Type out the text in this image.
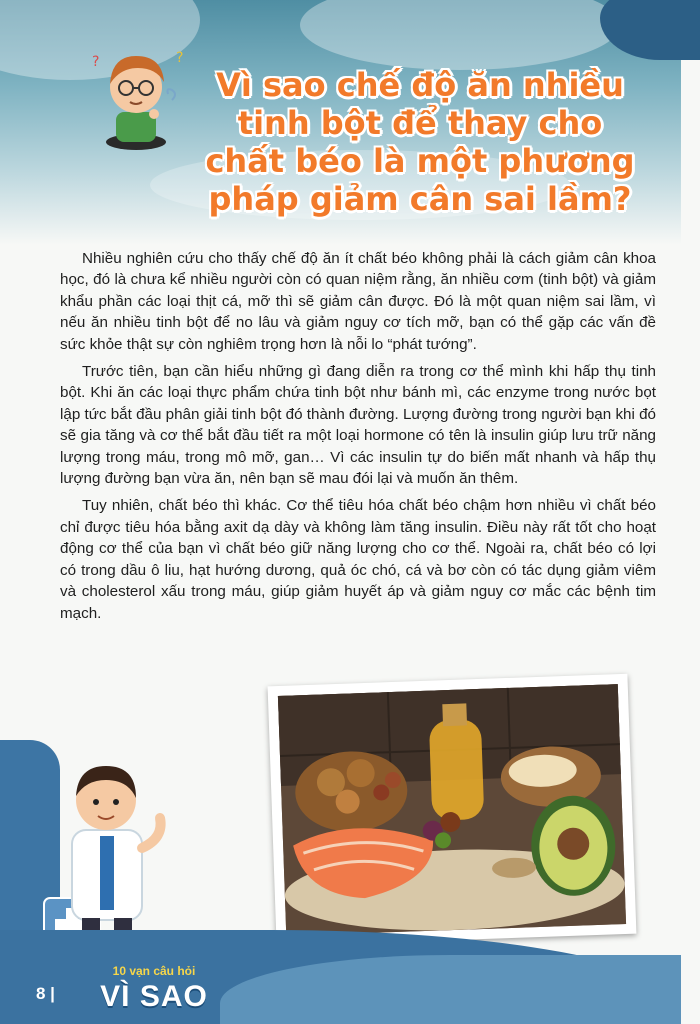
?	?
Vì sao chế độ ăn nhiều tinh bột để thay cho chất béo là một phương pháp giảm cân sai lầm?

Nhiều nghiên cứu cho thấy chế độ ăn ít chất béo không phải là cách giảm cân khoa học, đó là chưa kể nhiều người còn có quan niệm rằng, ăn nhiều cơm (tinh bột) và giảm khẩu phần các loại thịt cá, mỡ thì sẽ giảm cân được. Đó là một quan niệm sai lầm, vì nếu ăn nhiều tinh bột để no lâu và giảm nguy cơ tích mỡ, bạn có thể gặp các vấn đề sức khỏe thật sự còn nghiêm trọng hơn là nỗi lo “phát tướng”.

Trước tiên, bạn cần hiểu những gì đang diễn ra trong cơ thể mình khi hấp thụ tinh bột. Khi ăn các loại thực phẩm chứa tinh bột như bánh mì, các enzyme trong nước bọt lập tức bắt đầu phân giải tinh bột đó thành đường. Lượng đường trong người bạn khi đó sẽ gia tăng và cơ thể bắt đầu tiết ra một loại hormone có tên là insulin giúp lưu trữ năng lượng trong máu, trong mô mỡ, gan… Vì các insulin tự do biến mất nhanh và hấp thụ lượng đường bạn vừa ăn, nên bạn sẽ mau đói lại và muốn ăn thêm.

Tuy nhiên, chất béo thì khác. Cơ thể tiêu hóa chất béo chậm hơn nhiều vì chất béo chỉ được tiêu hóa bằng axit dạ dày và không làm tăng insulin. Điều này rất tốt cho hoạt động cơ thể của bạn vì chất béo giữ năng lượng cho cơ thể. Ngoài ra, chất béo có lợi có trong dầu ô liu, hạt hướng dương, quả óc chó, cá và bơ còn có tác dụng giảm viêm và cholesterol xấu trong máu, giúp giảm huyết áp và giảm nguy cơ mắc các bệnh tim mạch.

8 |
10 vạn câu hỏi
VÌ SAO
